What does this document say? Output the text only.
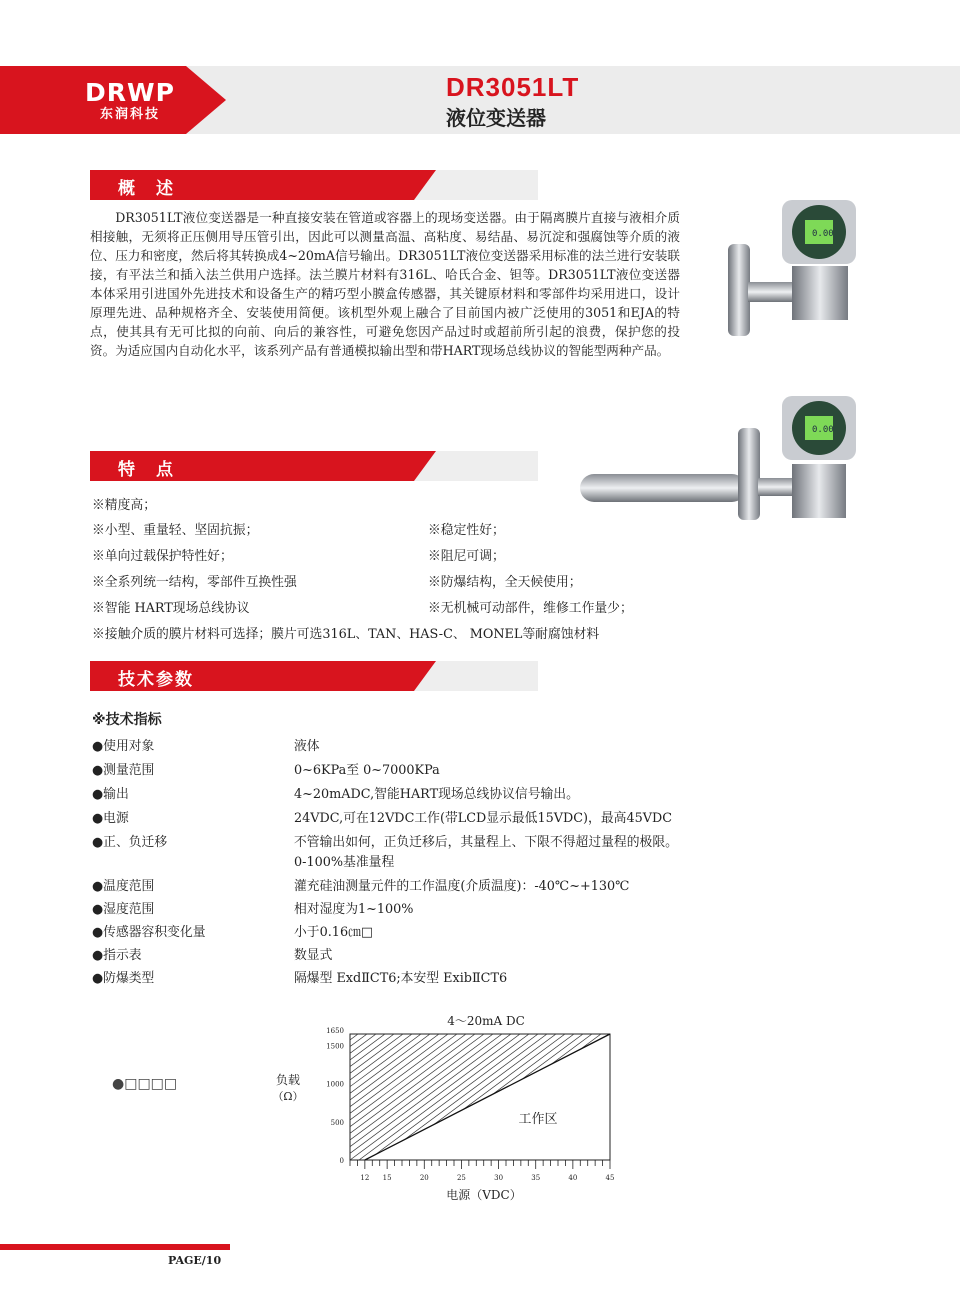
DRWP
东润科技
DR3051LT
液位变送器
概　述
DR3051LT液位变送器是一种直接安装在管道或容器上的现场变送器。由于隔离膜片直接与液相介质相接触，无须将正压侧用导压管引出，因此可以测量高温、高粘度、易结晶、易沉淀和强腐蚀等介质的液位、压力和密度，然后将其转换成4~20mA信号输出。DR3051LT液位变送器采用标准的法兰进行安装联接，有平法兰和插入法兰供用户选择。法兰膜片材料有316L、哈氏合金、钽等。DR3051LT液位变送器本体采用引进国外先进技术和设备生产的精巧型小膜盒传感器，其关键原材料和零部件均采用进口，设计原理先进、品种规格齐全、安装使用简便。该机型外观上融合了目前国内被广泛使用的3051和EJA的特点，使其具有无可比拟的向前、向后的兼容性，可避免您因产品过时或超前所引起的浪费，保护您的投资。为适应国内自动化水平，该系列产品有普通模拟输出型和带HART现场总线协议的智能型两种产品。
0.00
特　点
0.00
※精度高；
※小型、重量轻、坚固抗振；	※稳定性好；
※单向过载保护特性好；	※阻尼可调；
※全系列统一结构，零部件互换性强	※防爆结构，全天候使用；
※智能 HART现场总线协议	※无机械可动部件，维修工作量少；
※接触介质的膜片材料可选择；膜片可选316L、TAN、HAS-C、 MONEL等耐腐蚀材料
技术参数
※技术指标
●使用对象	液体
●测量范围	0~6KPa至 0~7000KPa
●输出	4~20mADC,智能HART现场总线协议信号输出。
●电源	24VDC,可在12VDC工作(带LCD显示最低15VDC)，最高45VDC
●正、负迁移	不管输出如何，正负迁移后，其量程上、下限不得超过量程的极限。
0-100%基准量程
●温度范围	灌充硅油测量元件的工作温度(介质温度)：-40℃~+130℃
●湿度范围	相对湿度为1~100%
●传感器容积变化量	小于0.16㎝□
●指示表	数显式
●防爆类型	隔爆型 ExdⅡCT6;本安型 ExibⅡCT6
●□□□□
4～20mA DC
负载
（Ω）
工作区
电源（VDC）
12 15	20	25	30	35	40	45
0
500
1000
1500
1650
PAGE/10
